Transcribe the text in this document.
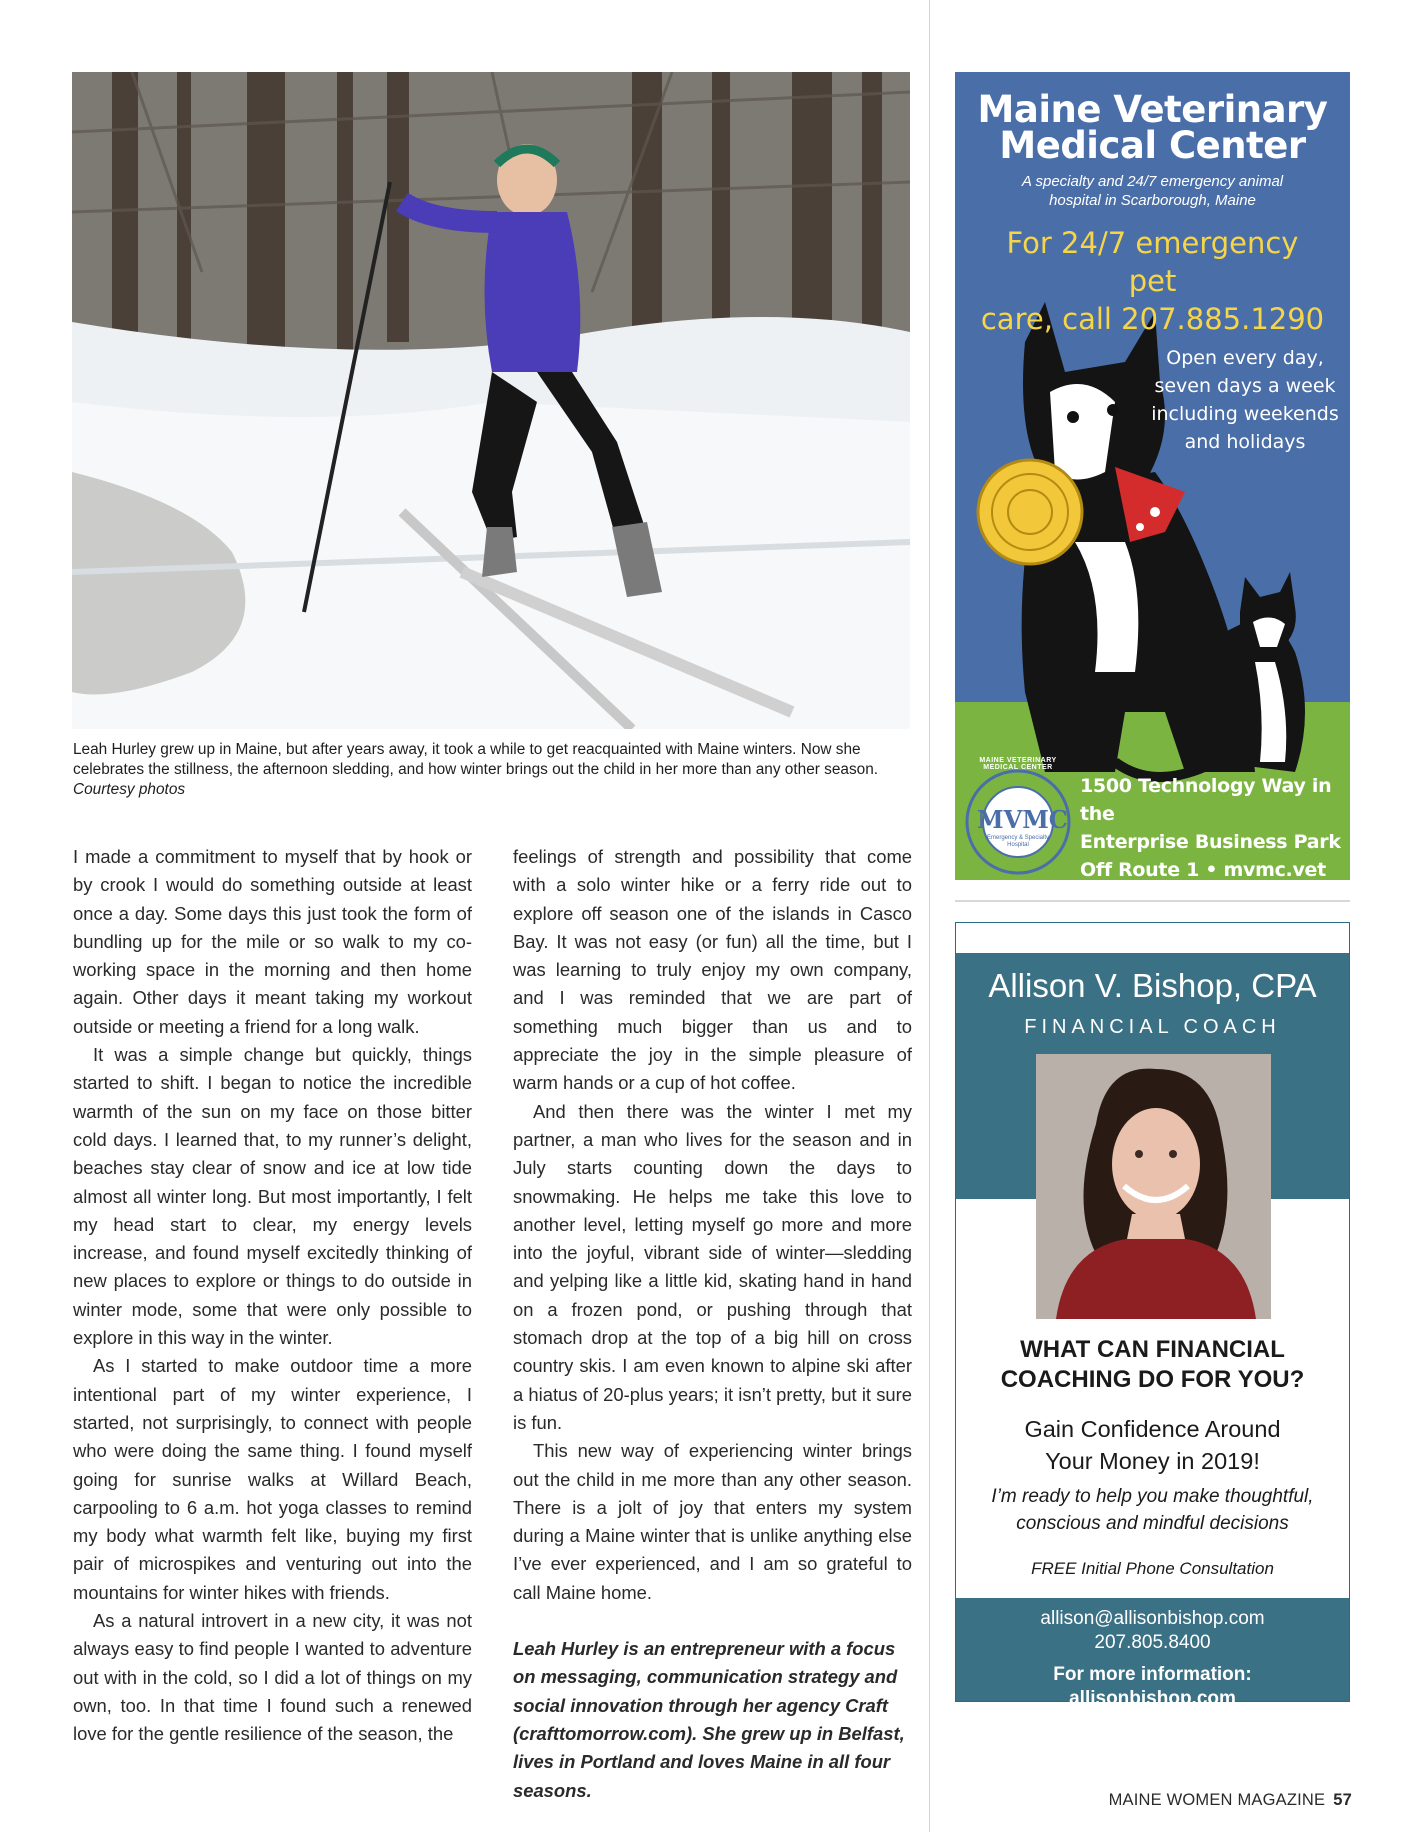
Leah Hurley grew up in Maine, but after years away, it took a while to get reacquainted with Maine winters. Now she celebrates the stillness, the afternoon sledding, and how winter brings out the child in her more than any other season. Courtesy photos

I made a commitment to myself that by hook or by crook I would do something outside at least once a day. Some days this just took the form of bundling up for the mile or so walk to my co-working space in the morning and then home again. Other days it meant taking my workout outside or meeting a friend for a long walk.

It was a simple change but quickly, things started to shift. I began to notice the incredible warmth of the sun on my face on those bitter cold days. I learned that, to my runner’s delight, beaches stay clear of snow and ice at low tide almost all winter long. But most importantly, I felt my head start to clear, my energy levels increase, and found myself excitedly thinking of new places to explore or things to do outside in winter mode, some that were only possible to explore in this way in the winter.

As I started to make outdoor time a more intentional part of my winter experience, I started, not surprisingly, to connect with people who were doing the same thing. I found myself going for sunrise walks at Willard Beach, carpooling to 6 a.m. hot yoga classes to remind my body what warmth felt like, buying my first pair of microspikes and venturing out into the mountains for winter hikes with friends.

As a natural introvert in a new city, it was not always easy to find people I wanted to adventure out with in the cold, so I did a lot of things on my own, too. In that time I found such a renewed love for the gentle resilience of the season, the

feelings of strength and possibility that come with a solo winter hike or a ferry ride out to explore off season one of the islands in Casco Bay. It was not easy (or fun) all the time, but I was learning to truly enjoy my own company, and I was reminded that we are part of something much bigger than us and to appreciate the joy in the simple pleasure of warm hands or a cup of hot coffee.

And then there was the winter I met my partner, a man who lives for the season and in July starts counting down the days to snowmaking. He helps me take this love to another level, letting myself go more and more into the joyful, vibrant side of winter—sledding and yelping like a little kid, skating hand in hand on a frozen pond, or pushing through that stomach drop at the top of a big hill on cross country skis. I am even known to alpine ski after a hiatus of 20-plus years; it isn’t pretty, but it sure is fun.

This new way of experiencing winter brings out the child in me more than any other season. There is a jolt of joy that enters my system during a Maine winter that is unlike anything else I’ve ever experienced, and I am so grateful to call Maine home.

Leah Hurley is an entrepreneur with a focus on messaging, communication strategy and social innovation through her agency Craft (crafttomorrow.com). She grew up in Belfast, lives in Portland and loves Maine in all four seasons.

Maine Veterinary
Medical Center
A specialty and 24/7 emergency animal
hospital in Scarborough, Maine
For 24/7 emergency pet
care, call 207.885.1290
Open every day,
seven days a week
including weekends
and holidays
MAINE VETERINARY MEDICAL CENTER
MVMC
Emergency & Specialty Hospital
1500 Technology Way in the
Enterprise Business Park
Off Route 1 • mvmc.vet
Allison V. Bishop, CPA
FINANCIAL COACH
WHAT CAN FINANCIAL
COACHING DO FOR YOU?
Gain Confidence Around
Your Money in 2019!
I’m ready to help you make thoughtful,
conscious and mindful decisions
FREE Initial Phone Consultation
allison@allisonbishop.com
207.805.8400
For more information:
allisonbishop.com
MAINE WOMEN MAGAZINE 57
